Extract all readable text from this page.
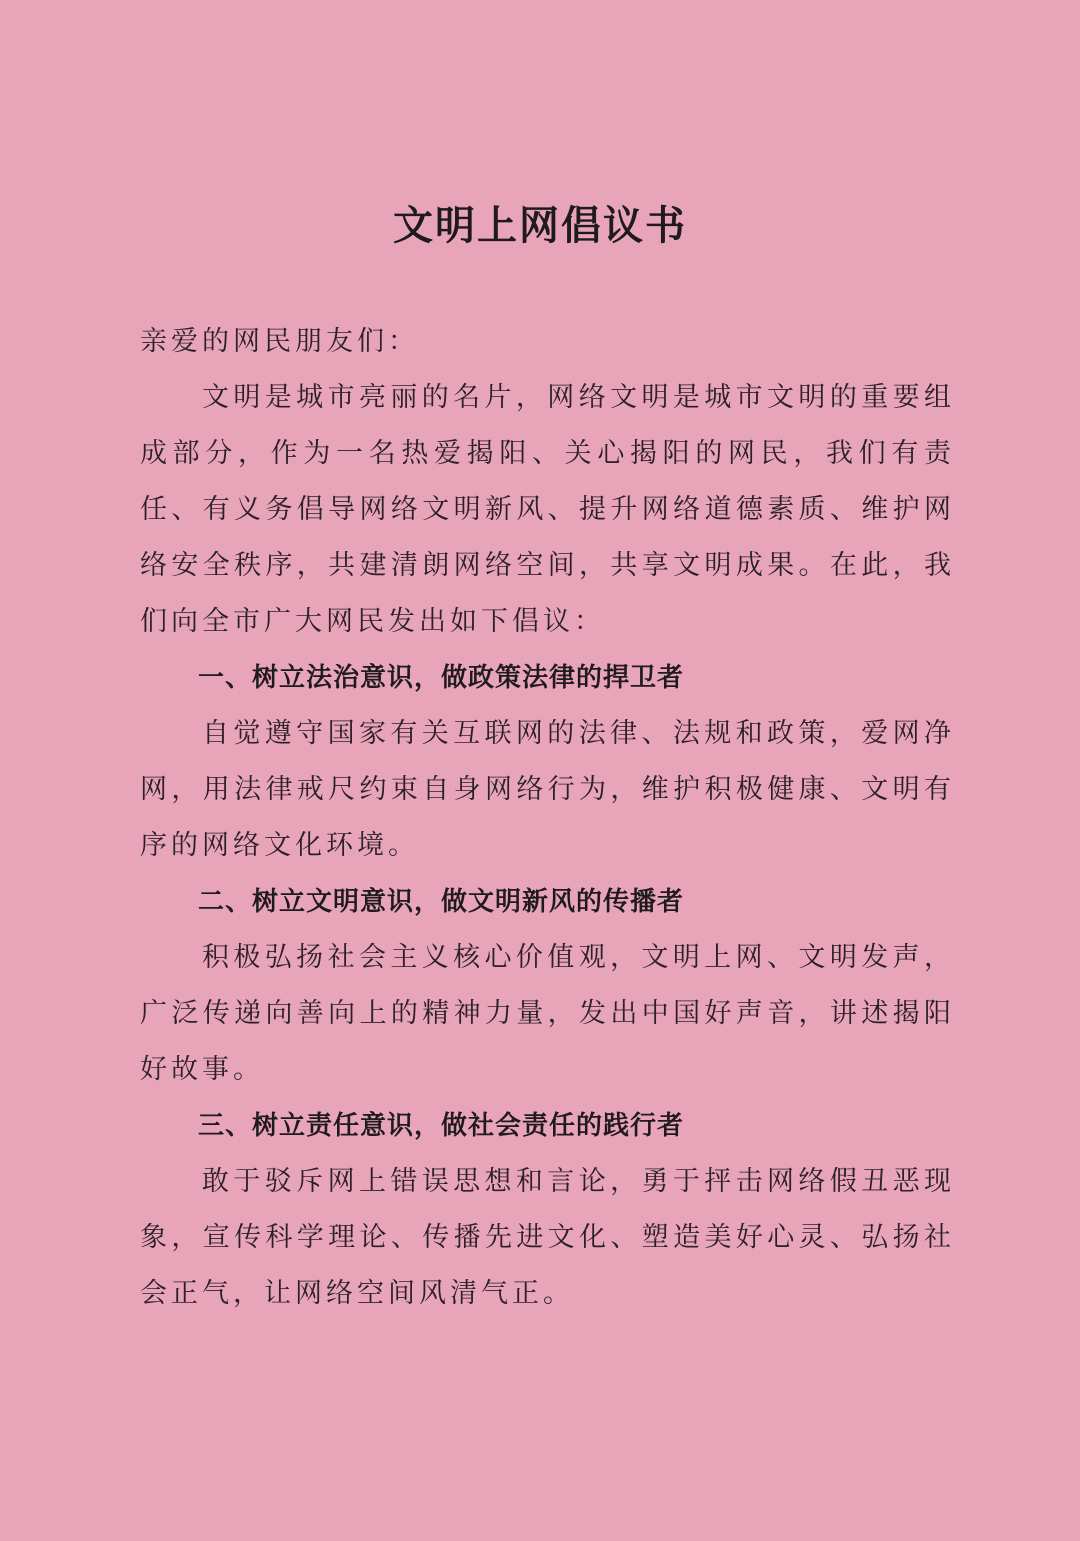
文明上网倡议书

亲爱的网民朋友们：

文明是城市亮丽的名片，网络文明是城市文明的重要组成部分，作为一名热爱揭阳、关心揭阳的网民，我们有责任、有义务倡导网络文明新风、提升网络道德素质、维护网络安全秩序，共建清朗网络空间，共享文明成果。在此，我们向全市广大网民发出如下倡议：

一、树立法治意识，做政策法律的捍卫者

自觉遵守国家有关互联网的法律、法规和政策，爱网净网，用法律戒尺约束自身网络行为，维护积极健康、文明有序的网络文化环境。

二、树立文明意识，做文明新风的传播者

积极弘扬社会主义核心价值观，文明上网、文明发声，广泛传递向善向上的精神力量，发出中国好声音，讲述揭阳好故事。

三、树立责任意识，做社会责任的践行者

敢于驳斥网上错误思想和言论，勇于抨击网络假丑恶现象，宣传科学理论、传播先进文化、塑造美好心灵、弘扬社会正气，让网络空间风清气正。
